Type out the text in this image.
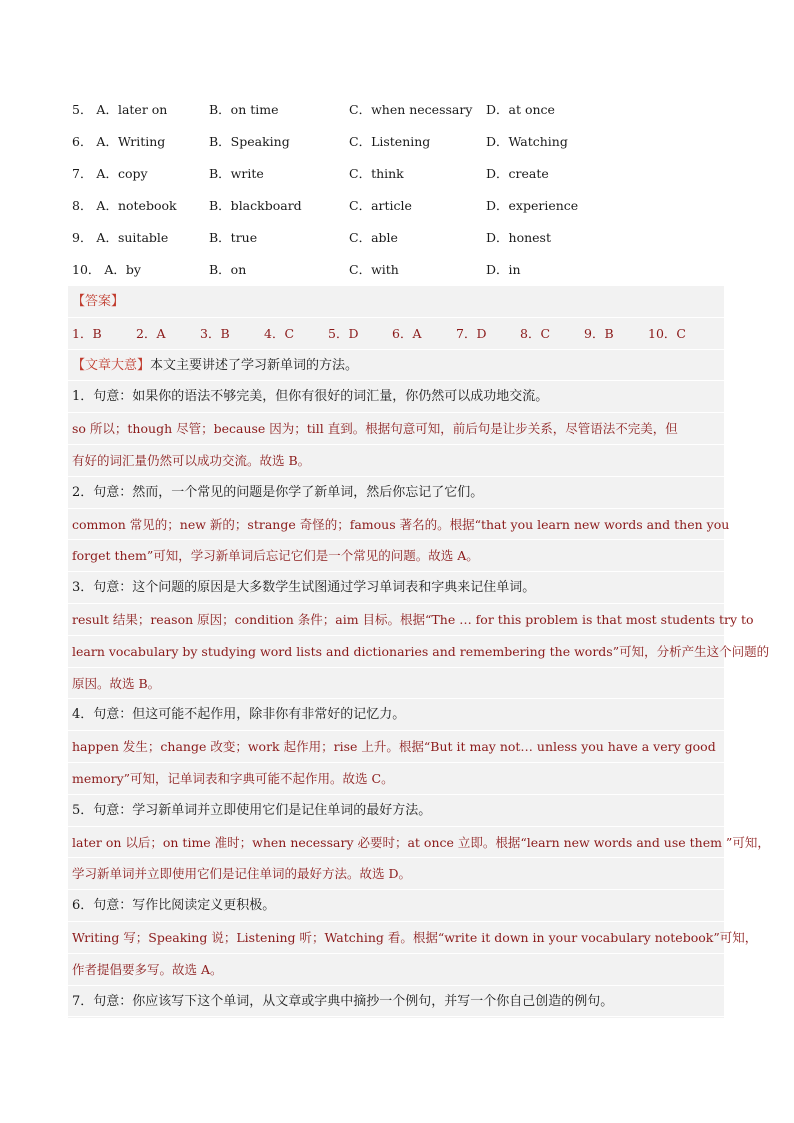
5． A．later on	B．on time	C．when necessary D．at once
6． A．Writing	B．Speaking	C．Listening	D．Watching
7． A．copy	B．write	C．think	D．create
8． A．notebook	B．blackboard	C．article	D．experience
9． A．suitable	B．true	C．able	D．honest
10． A．by	B．on	C．with	D．in
【答案】
1．B	2．A	3．B	4．C	5．D	6．A	7．D	8．C	9．B	10．C
【文章大意】本文主要讲述了学习新单词的方法。
1．句意：如果你的语法不够完美，但你有很好的词汇量，你仍然可以成功地交流。
so 所以；though 尽管；because 因为；till 直到。根据句意可知，前后句是让步关系，尽管语法不完美，但
有好的词汇量仍然可以成功交流。故选 B。
2．句意：然而，一个常见的问题是你学了新单词，然后你忘记了它们。
common 常见的；new 新的；strange 奇怪的；famous 著名的。根据“that you learn new words and then you
forget them”可知，学习新单词后忘记它们是一个常见的问题。故选 A。
3．句意：这个问题的原因是大多数学生试图通过学习单词表和字典来记住单词。
result 结果；reason 原因；condition 条件；aim 目标。根据“The … for this problem is that most students try to
learn vocabulary by studying word lists and dictionaries and remembering the words”可知，分析产生这个问题的
原因。故选 B。
4．句意：但这可能不起作用，除非你有非常好的记忆力。
happen 发生；change 改变；work 起作用；rise 上升。根据“But it may not… unless you have a very good
memory”可知，记单词表和字典可能不起作用。故选 C。
5．句意：学习新单词并立即使用它们是记住单词的最好方法。
later on 以后；on time 准时；when necessary 必要时；at once 立即。根据“learn new words and use them ”可知，
学习新单词并立即使用它们是记住单词的最好方法。故选 D。
6．句意：写作比阅读定义更积极。
Writing 写；Speaking 说；Listening 听；Watching 看。根据“write it down in your vocabulary notebook”可知，
作者提倡要多写。故选 A。
7．句意：你应该写下这个单词，从文章或字典中摘抄一个例句，并写一个你自己创造的例句。
